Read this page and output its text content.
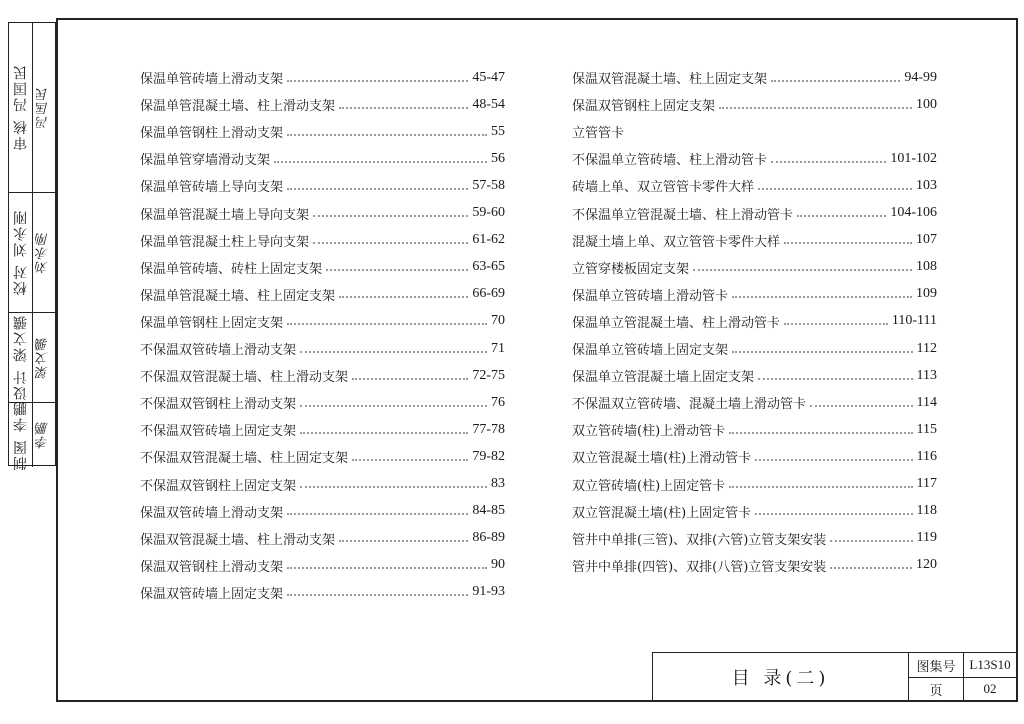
审核 冯国民 冯国民
校对 刘永刚 刘永刚
设计 梁文骥 梁文骥
制图 李鹏
李鹏
保温单管砖墙上滑动支架	45-47
保温单管混凝土墙、柱上滑动支架	48-54
保温单管钢柱上滑动支架	55
保温单管穿墙滑动支架	56
保温单管砖墙上导向支架	57-58
保温单管混凝土墙上导向支架	59-60
保温单管混凝土柱上导向支架	61-62
保温单管砖墙、砖柱上固定支架	63-65
保温单管混凝土墙、柱上固定支架	66-69
保温单管钢柱上固定支架	70
不保温双管砖墙上滑动支架	71
不保温双管混凝土墙、柱上滑动支架	72-75
不保温双管钢柱上滑动支架	76
不保温双管砖墙上固定支架	77-78
不保温双管混凝土墙、柱上固定支架	79-82
不保温双管钢柱上固定支架	83
保温双管砖墙上滑动支架	84-85
保温双管混凝土墙、柱上滑动支架	86-89
保温双管钢柱上滑动支架	90
保温双管砖墙上固定支架	91-93
保温双管混凝土墙、柱上固定支架	94-99
保温双管钢柱上固定支架	100
立管管卡
不保温单立管砖墙、柱上滑动管卡	101-102
砖墙上单、双立管管卡零件大样	103
不保温单立管混凝土墙、柱上滑动管卡	104-106
混凝土墙上单、双立管管卡零件大样	107
立管穿楼板固定支架	108
保温单立管砖墙上滑动管卡	109
保温单立管混凝土墙、柱上滑动管卡	110-111
保温单立管砖墙上固定支架	112
保温单立管混凝土墙上固定支架	113
不保温双立管砖墙、混凝土墙上滑动管卡	114
双立管砖墙(柱)上滑动管卡	115
双立管混凝土墙(柱)上滑动管卡	116
双立管砖墙(柱)上固定管卡	117
双立管混凝土墙(柱)上固定管卡	118
管井中单排(三管)、双排(六管)立管支架安装	119
管井中单排(四管)、双排(八管)立管支架安装	120
目 录(二)
图集号	L13S10
页	02
